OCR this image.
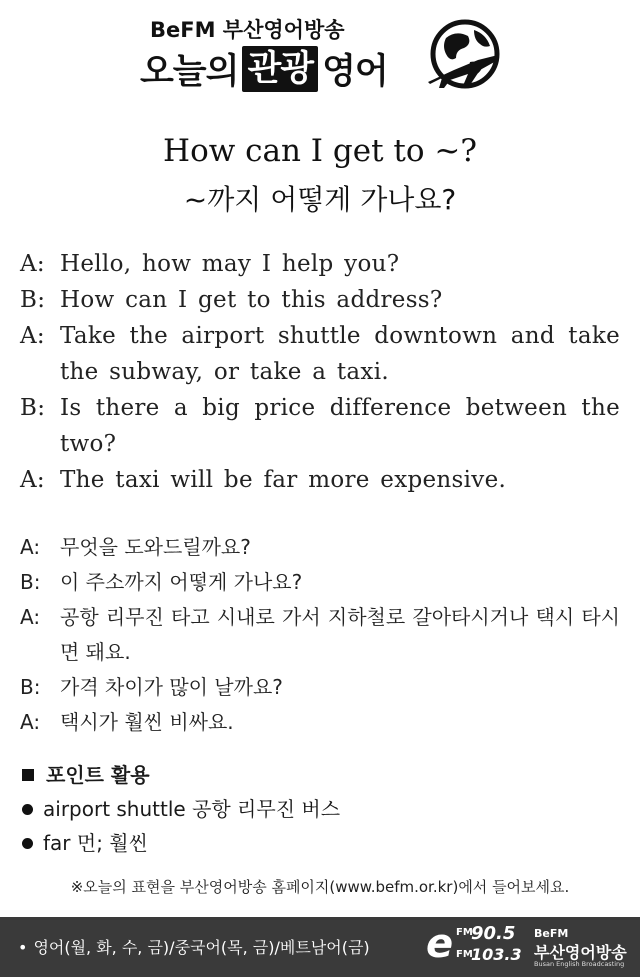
BeFM 부산영어방송
오늘의 관광 영어
How can I get to ~?
~까지 어떻게 가나요?
A: Hello, how may I help you?
B: How can I get to this address?
A: Take the airport shuttle downtown and take the subway, or take a taxi.
B: Is there a big price difference between the two?
A: The taxi will be far more expensive.
A: 무엇을 도와드릴까요?
B: 이 주소까지 어떻게 가나요?
A: 공항 리무진 타고 시내로 가서 지하철로 갈아타시거나 택시 타시면 돼요.
B: 가격 차이가 많이 날까요?
A: 택시가 훨씬 비싸요.
포인트 활용
airport shuttle 공항 리무진 버스
far 먼; 훨씬
※오늘의 표현을 부산영어방송 홈페이지(www.befm.or.kr)에서 들어보세요.
• 영어(월, 화, 수, 금)/중국어(목, 금)/베트남어(금) e FM
90.5
FM
103.3
BeFM
부산영어방송
Busan English Broadcasting
